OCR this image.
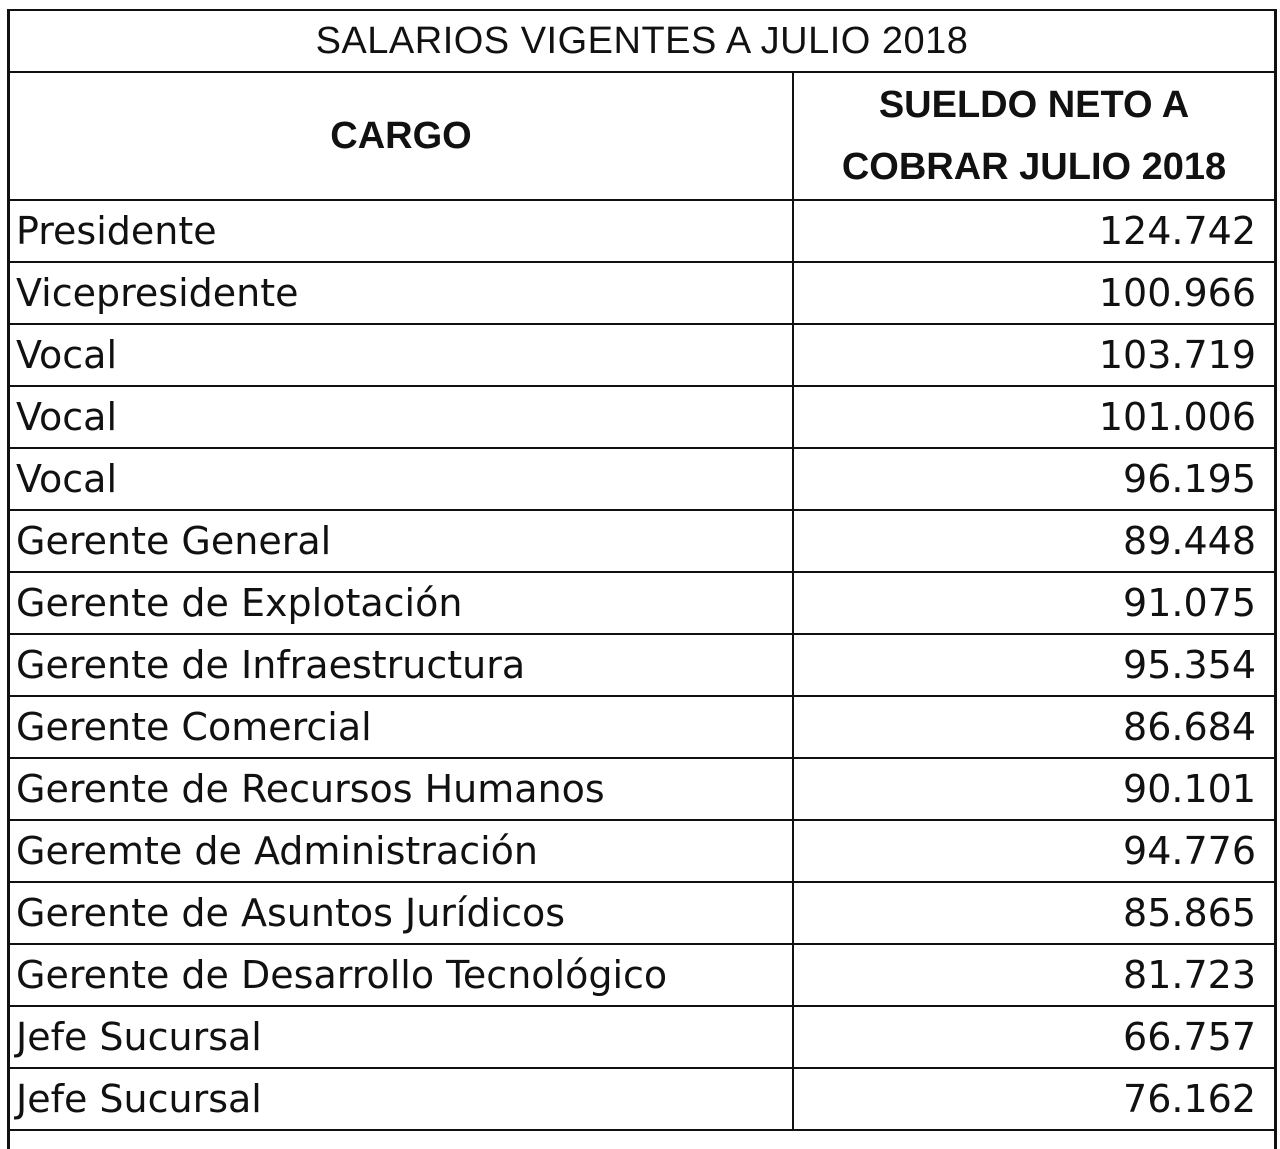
SALARIOS VIGENTES A JULIO 2018
CARGO	SUELDO NETO A
COBRAR JULIO 2018

Presidente	124.742
Vicepresidente	100.966
Vocal	103.719
Vocal	101.006
Vocal	96.195
Gerente General	89.448
Gerente de Explotación	91.075
Gerente de Infraestructura	95.354
Gerente Comercial	86.684
Gerente de Recursos Humanos	90.101
Geremte de Administración	94.776
Gerente de Asuntos Jurídicos	85.865
Gerente de Desarrollo Tecnológico	81.723
Jefe Sucursal	66.757
Jefe Sucursal	76.162
